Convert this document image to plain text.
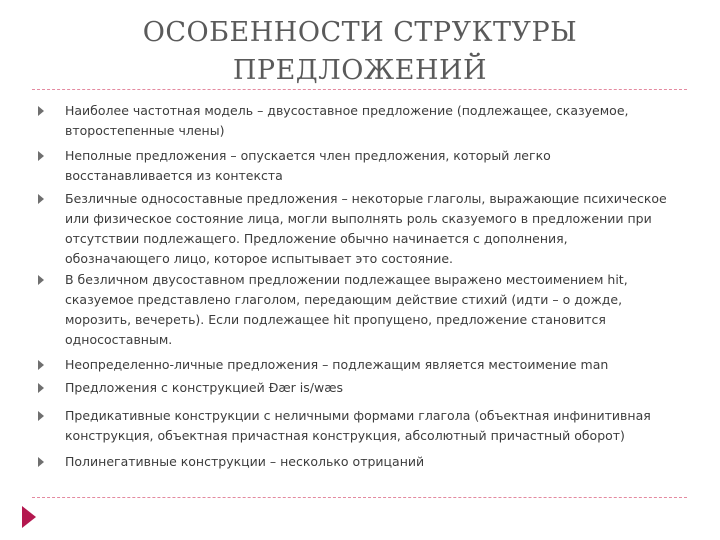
ОСОБЕННОСТИ СТРУКТУРЫ
ПРЕДЛОЖЕНИЙ
Наиболее частотная модель – двусоставное предложение (подлежащее, сказуемое, второстепенные члены)
Неполные предложения – опускается член предложения, который легко восстанавливается из контекста
Безличные односоставные предложения – некоторые глаголы, выражающие психическое или физическое состояние лица, могли выполнять роль сказуемого в предложении при отсутствии подлежащего. Предложение обычно начинается с дополнения, обозначающего лицо, которое испытывает это состояние.
В безличном двусоставном предложении подлежащее выражено местоимением hit, сказуемое представлено глаголом, передающим действие стихий (идти – о дожде, морозить, вечереть). Если подлежащее hit пропущено, предложение становится односоставным.
Неопределенно-личные предложения – подлежащим является местоимение man
Предложения с конструкцией Ðær is/wæs
Предикативные конструкции с неличными формами глагола (объектная инфинитивная конструкция, объектная причастная конструкция, абсолютный причастный оборот)
Полинегативные конструкции – несколько отрицаний
